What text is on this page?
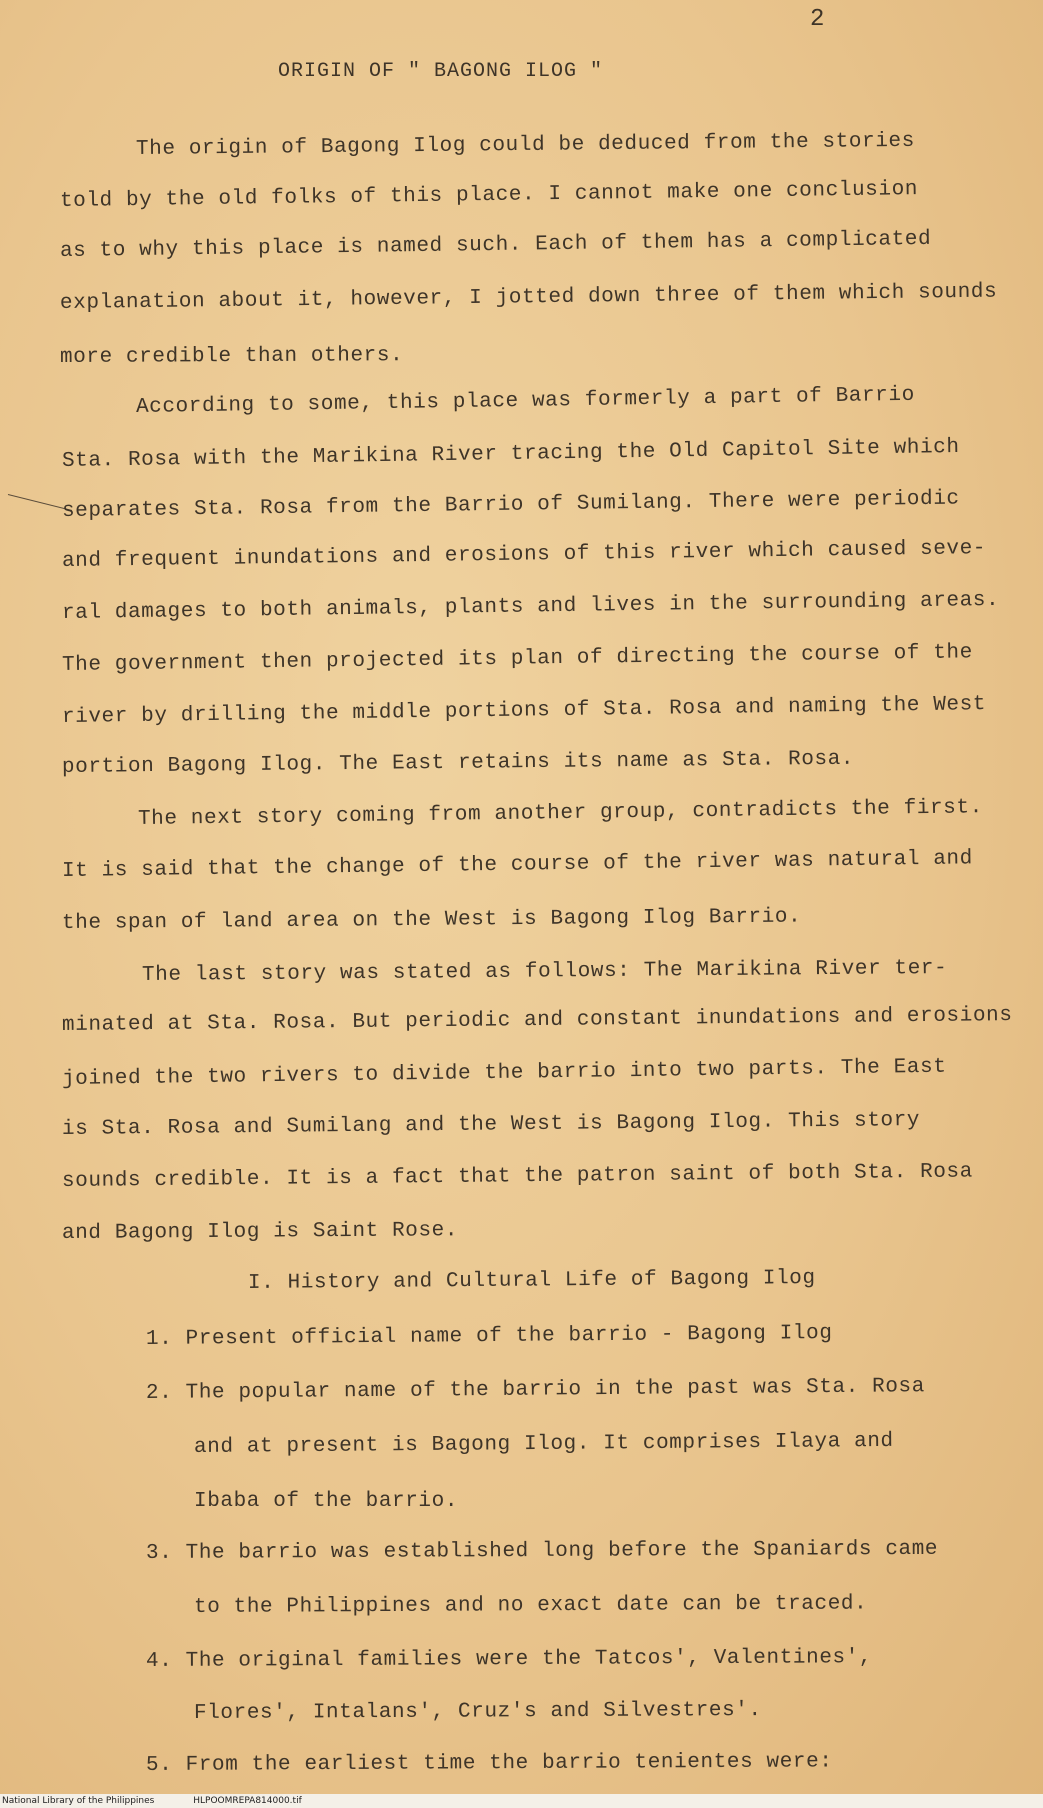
2
ORIGIN OF " BAGONG ILOG "
The origin of Bagong Ilog could be deduced from the stories
told by the old folks of this place. I cannot make one conclusion
as to why this place is named such. Each of them has a complicated
explanation about it, however, I jotted down three of them which sounds
more credible than others.
According to some, this place was formerly a part of Barrio
Sta. Rosa with the Marikina River tracing the Old Capitol Site which
separates Sta. Rosa from the Barrio of Sumilang. There were periodic
and frequent inundations and erosions of this river which caused seve-
ral damages to both animals, plants and lives in the surrounding areas.
The government then projected its plan of directing the course of the
river by drilling the middle portions of Sta. Rosa and naming the West
portion Bagong Ilog. The East retains its name as Sta. Rosa.
The next story coming from another group, contradicts the first.
It is said that the change of the course of the river was natural and
the span of land area on the West is Bagong Ilog Barrio.
The last story was stated as follows: The Marikina River ter-
minated at Sta. Rosa. But periodic and constant inundations and erosions
joined the two rivers to divide the barrio into two parts. The East
is Sta. Rosa and Sumilang and the West is Bagong Ilog. This story
sounds credible. It is a fact that the patron saint of both Sta. Rosa
and Bagong Ilog is Saint Rose.
I. History and Cultural Life of Bagong Ilog
1. Present official name of the barrio - Bagong Ilog
2. The popular name of the barrio in the past was Sta. Rosa
and at present is Bagong Ilog. It comprises Ilaya and
Ibaba of the barrio.
3. The barrio was established long before the Spaniards came
to the Philippines and no exact date can be traced.
4. The original families were the Tatcos', Valentines',
Flores', Intalans', Cruz's and Silvestres'.
5. From the earliest time the barrio tenientes were:
National Library of the Philippines	HLPOOMREPA814000.tif
